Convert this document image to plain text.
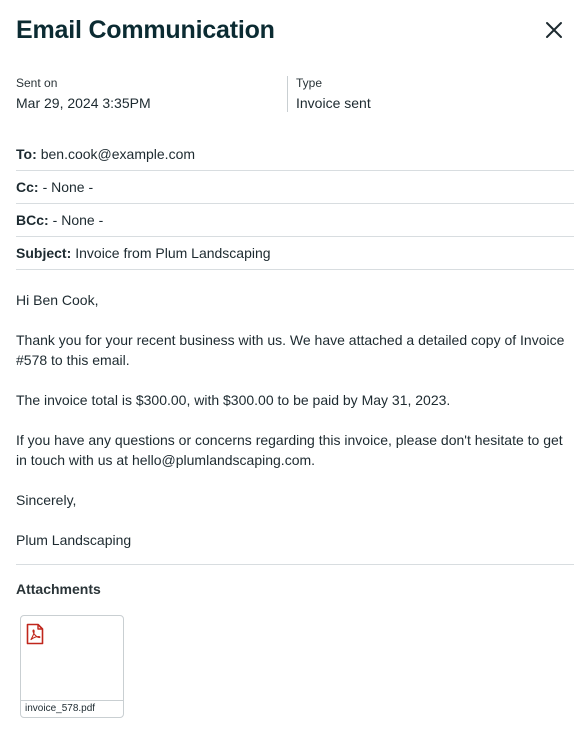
Email Communication
Sent on
Mar 29, 2024 3:35PM
Type
Invoice sent
To: ben.cook@example.com
Cc: - None -
BCc: - None -
Subject: Invoice from Plum Landscaping

Hi Ben Cook,

Thank you for your recent business with us. We have attached a detailed copy of Invoice #578 to this email.

The invoice total is $300.00, with $300.00 to be paid by May 31, 2023.

If you have any questions or concerns regarding this invoice, please don't hesitate to get in touch with us at hello@plumlandscaping.com.

Sincerely,

Plum Landscaping

Attachments
invoice_578.pdf
